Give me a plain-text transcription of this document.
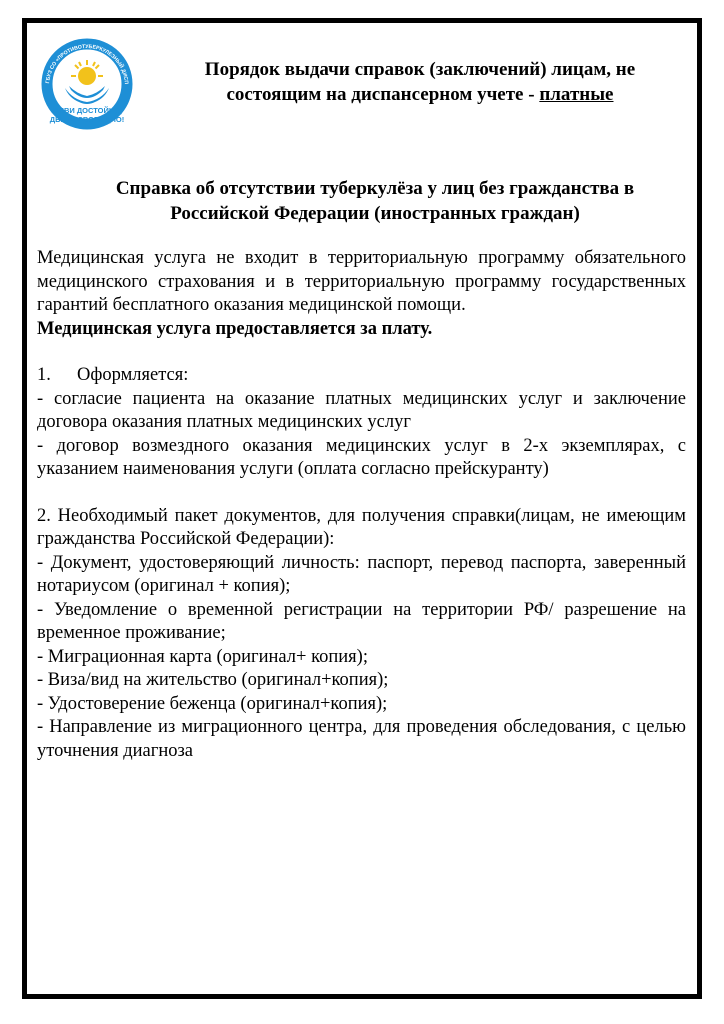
ГБУЗ СО «ПРОТИВОТУБЕРКУЛЕЗНЫЙ ДИСП
ЖИВИ ДОСТОЙНО,
ДЫШИ СВОБОДНО!
Порядок выдачи справок (заключений) лицам, не
состоящим на диспансерном учете - платные
Справка об отсутствии туберкулёза у лиц без гражданства в
Российской Федерации (иностранных граждан)

Медицинская услуга не входит в территориальную программу обязательного медицинского страхования и в территориальную программу государственных гарантий бесплатного оказания медицинской помощи.

Медицинская услуга предоставляется за плату.

1. Оформляется:

- согласие пациента на оказание платных медицинских услуг и заключение договора оказания платных медицинских услуг

- договор возмездного оказания медицинских услуг в 2-х экземплярах, с указанием наименования услуги (оплата согласно прейскуранту)

2. Необходимый пакет документов, для получения справки(лицам, не имеющим гражданства Российской Федерации):

- Документ, удостоверяющий личность: паспорт, перевод паспорта, заверенный нотариусом (оригинал + копия);

- Уведомление о временной регистрации на территории РФ/ разрешение на временное проживание;

- Миграционная карта (оригинал+ копия);

- Виза/вид на жительство (оригинал+копия);

- Удостоверение беженца (оригинал+копия);

- Направление из миграционного центра, для проведения обследования, с целью уточнения диагноза
